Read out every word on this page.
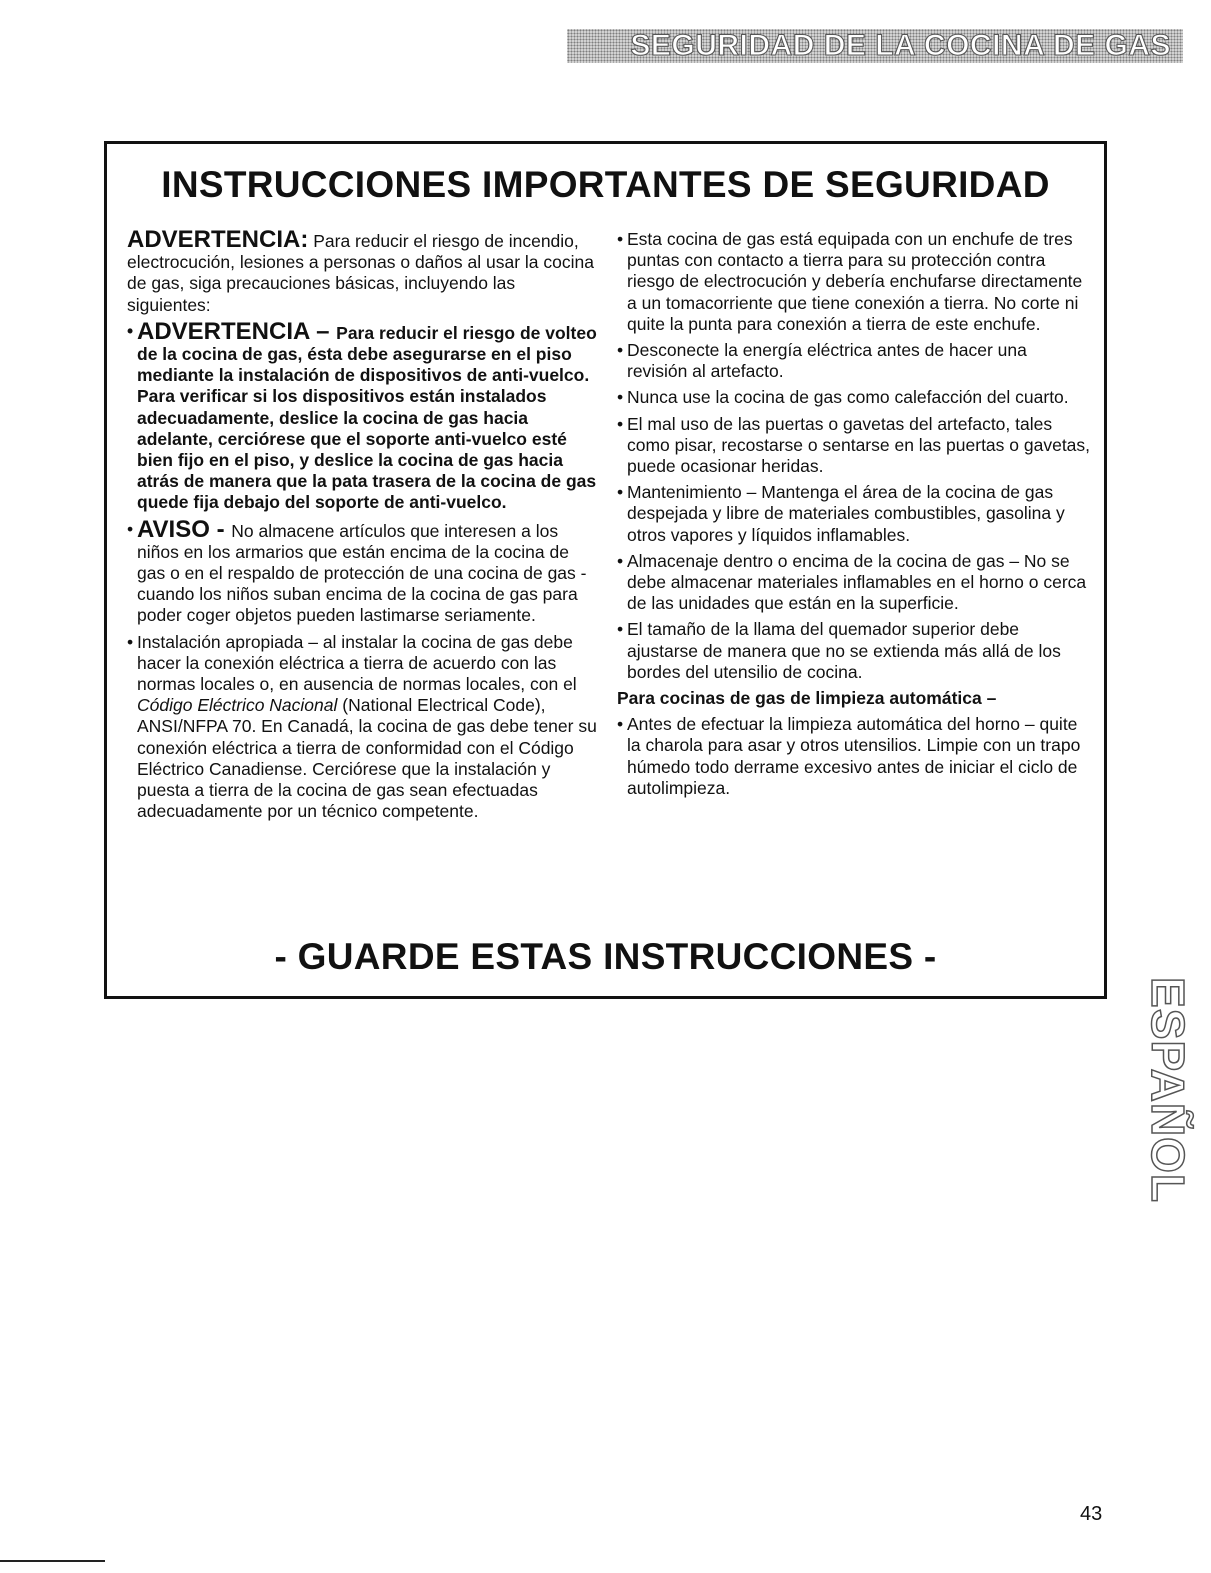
SEGURIDAD DE LA COCINA DE GAS
INSTRUCCIONES IMPORTANTES DE SEGURIDAD

ADVERTENCIA: Para reducir el riesgo de incendio, electrocución, lesiones a personas o daños al usar la cocina de gas, siga precauciones básicas, incluyendo las siguientes:

• ADVERTENCIA – Para reducir el riesgo de volteo de la cocina de gas, ésta debe asegurarse en el piso mediante la instalación de dispositivos de anti-vuelco. Para verificar si los dispositivos están instalados adecuadamente, deslice la cocina de gas hacia adelante, cerciórese que el soporte anti-vuelco esté bien fijo en el piso, y deslice la cocina de gas hacia atrás de manera que la pata trasera de la cocina de gas quede fija debajo del soporte de anti-vuelco.
• AVISO - No almacene artículos que interesen a los niños en los armarios que están encima de la cocina de gas o en el respaldo de protección de una cocina de gas - cuando los niños suban encima de la cocina de gas para poder coger objetos pueden lastimarse seriamente.
• Instalación apropiada – al instalar la cocina de gas debe hacer la conexión eléctrica a tierra de acuerdo con las normas locales o, en ausencia de normas locales, con el Código Eléctrico Nacional (National Electrical Code), ANSI/NFPA 70. En Canadá, la cocina de gas debe tener su conexión eléctrica a tierra de conformidad con el Código Eléctrico Canadiense. Cerciórese que la instalación y puesta a tierra de la cocina de gas sean efectuadas adecuadamente por un técnico competente.
• Esta cocina de gas está equipada con un enchufe de tres puntas con contacto a tierra para su protección contra riesgo de electrocución y debería enchufarse directamente a un tomacorriente que tiene conexión a tierra. No corte ni quite la punta para conexión a tierra de este enchufe.
• Desconecte la energía eléctrica antes de hacer una revisión al artefacto.
• Nunca use la cocina de gas como calefacción del cuarto.
• El mal uso de las puertas o gavetas del artefacto, tales como pisar, recostarse o sentarse en las puertas o gavetas, puede ocasionar heridas.
• Mantenimiento – Mantenga el área de la cocina de gas despejada y libre de materiales combustibles, gasolina y otros vapores y líquidos inflamables.
• Almacenaje dentro o encima de la cocina de gas – No se debe almacenar materiales inflamables en el horno o cerca de las unidades que están en la superficie.
• El tamaño de la llama del quemador superior debe ajustarse de manera que no se extienda más allá de los bordes del utensilio de cocina.

Para cocinas de gas de limpieza automática –

• Antes de efectuar la limpieza automática del horno – quite la charola para asar y otros utensilios. Limpie con un trapo húmedo todo derrame excesivo antes de iniciar el ciclo de autolimpieza.
- GUARDE ESTAS INSTRUCCIONES -
ESPAÑOL
43
